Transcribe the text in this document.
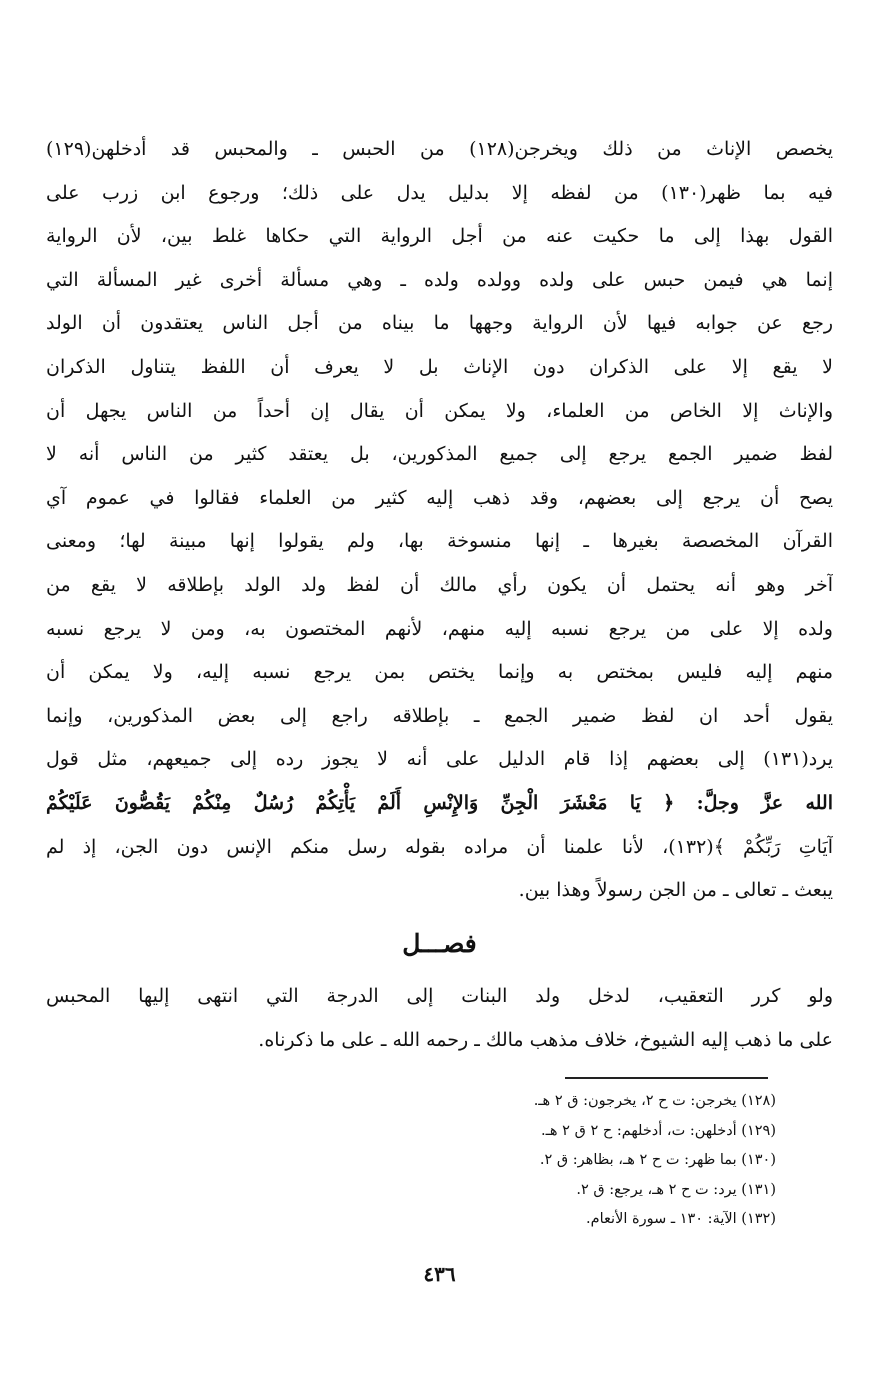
يخصص الإناث من ذلك ويخرجن(١٢٨) من الحبس ـ والمحبس قد أدخلهن(١٢٩)
فيه بما ظهر(١٣٠) من لفظه إلا بدليل يدل على ذلك؛ ورجوع ابن زرب على
القول بهذا إلى ما حكيت عنه من أجل الرواية التي حكاها غلط بين، لأن الرواية
إنما هي فيمن حبس على ولده وولده ولده ـ وهي مسألة أخرى غير المسألة التي
رجع عن جوابه فيها لأن الرواية وجهها ما بيناه من أجل الناس يعتقدون أن الولد
لا يقع إلا على الذكران دون الإناث بل لا يعرف أن اللفظ يتناول الذكران
والإناث إلا الخاص من العلماء، ولا يمكن أن يقال إن أحداً من الناس يجهل أن
لفظ ضمير الجمع يرجع إلى جميع المذكورين، بل يعتقد كثير من الناس أنه لا
يصح أن يرجع إلى بعضهم، وقد ذهب إليه كثير من العلماء فقالوا في عموم آي
القرآن المخصصة بغيرها ـ إنها منسوخة بها، ولم يقولوا إنها مبينة لها؛ ومعنى
آخر وهو أنه يحتمل أن يكون رأي مالك أن لفظ ولد الولد بإطلاقه لا يقع من
ولده إلا على من يرجع نسبه إليه منهم، لأنهم المختصون به، ومن لا يرجع نسبه
منهم إليه فليس بمختص به وإنما يختص بمن يرجع نسبه إليه، ولا يمكن أن
يقول أحد ان لفظ ضمير الجمع ـ بإطلاقه راجع إلى بعض المذكورين، وإنما
يرد(١٣١) إلى بعضهم إذا قام الدليل على أنه لا يجوز رده إلى جميعهم، مثل قول
الله عزَّ وجلَّ: ﴿ يَا مَعْشَرَ الْجِنِّ وَالإِنْسِ أَلَمْ يَأْتِكُمْ رُسُلٌ مِنْكُمْ يَقُصُّونَ عَلَيْكُمْ
آيَاتِ رَبِّكُمْ ﴾(١٣٢)، لأنا علمنا أن مراده بقوله رسل منكم الإنس دون الجن، إذ لم
يبعث ـ تعالى ـ من الجن رسولاً وهذا بين.
فصـــل
ولو كرر التعقيب، لدخل ولد البنات إلى الدرجة التي انتهى إليها المحبس
على ما ذهب إليه الشيوخ، خلاف مذهب مالك ـ رحمه الله ـ على ما ذكرناه.
(١٢٨) يخرجن: ت ح ٢، يخرجون: ق ٢ هـ.
(١٢٩) أدخلهن: ت، أدخلهم: ح ٢ ق ٢ هـ.
(١٣٠) بما ظهر: ت ح ٢ هـ، بظاهر: ق ٢.
(١٣١) يرد: ت ح ٢ هـ، يرجع: ق ٢.
(١٣٢) الآية: ١٣٠ ـ سورة الأنعام.
٤٣٦
